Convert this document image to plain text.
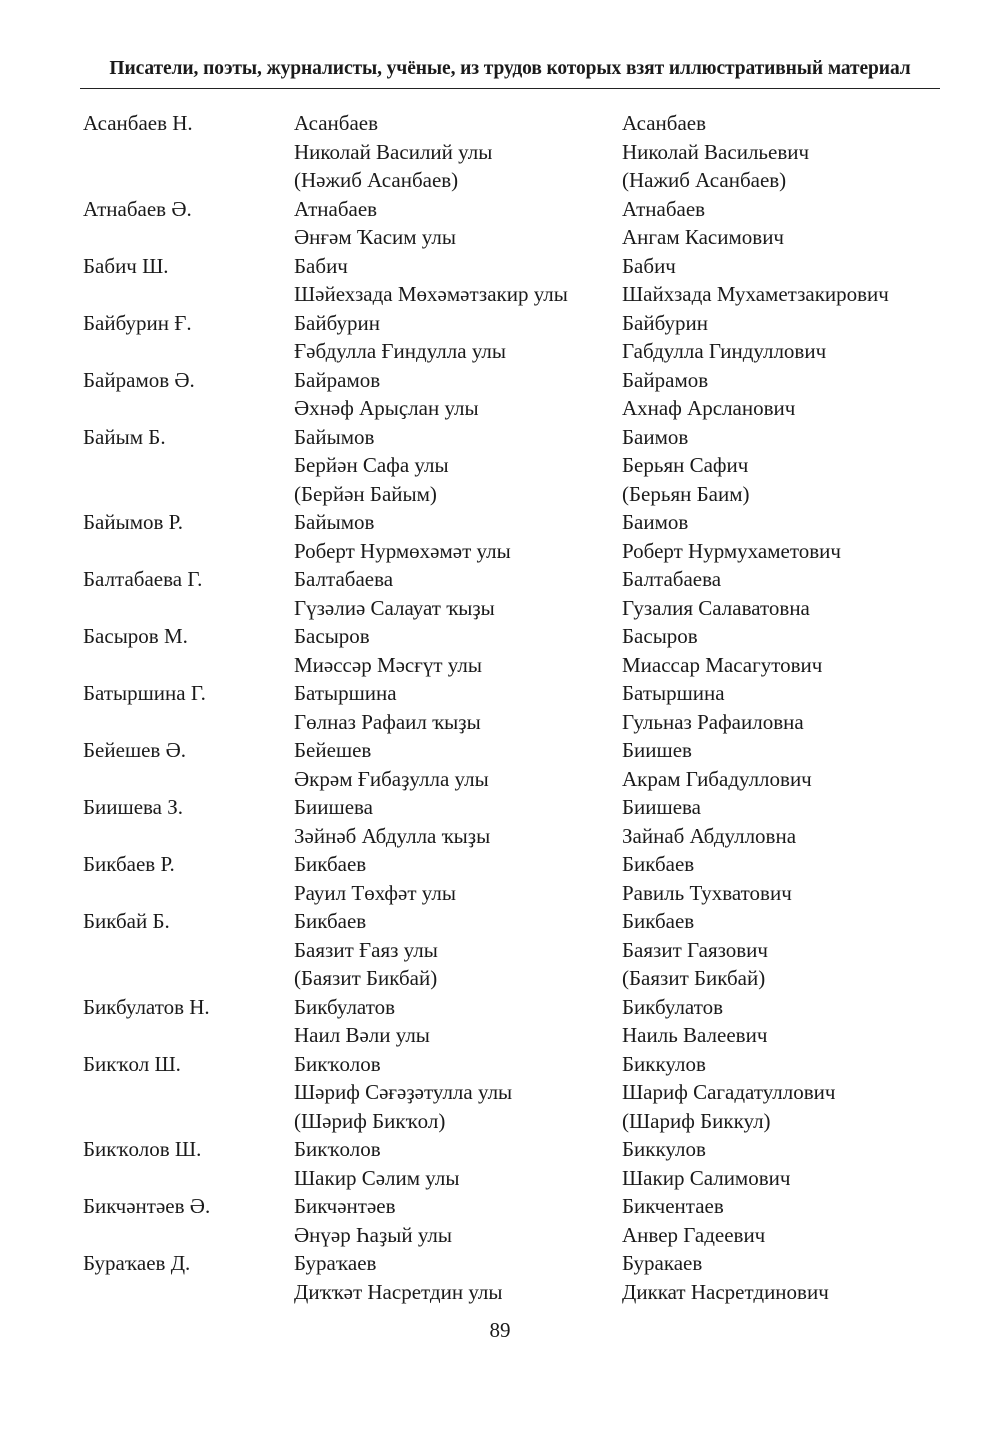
Писатели, поэты, журналисты, учёные, из трудов которых взят иллюстративный материал
Асанбаев Н.	Асанбаев	Асанбаев
Николай Василий улы	Николай Васильевич
(Нәжиб Асанбаев)	(Нажиб Асанбаев)
Атнабаев Ә.	Атнабаев	Атнабаев
Әнғәм Ҡасим улы	Ангам Касимович
Бабич Ш.	Бабич	Бабич
Шәйехзада Мөхәмәтзакир улы	Шайхзада Мухаметзакирович
Байбурин Ғ.	Байбурин	Байбурин
Ғәбдулла Ғиндулла улы	Габдулла Гиндуллович
Байрамов Ә.	Байрамов	Байрамов
Әхнәф Арыҫлан улы	Ахнаф Арсланович
Байым Б.	Байымов	Баимов
Берйән Сафа улы	Берьян Сафич
(Берйән Байым)	(Берьян Баим)
Байымов Р.	Байымов	Баимов
Роберт Нурмөхәмәт улы	Роберт Нурмухаметович
Балтабаева Г.	Балтабаева	Балтабаева
Гүзәлиә Салауат ҡыҙы	Гузалия Салаватовна
Басыров М.	Басыров	Басыров
Миәссәр Мәсғүт улы	Миассар Масагутович
Батыршина Г.	Батыршина	Батыршина
Гөлназ Рафаил ҡыҙы	Гульназ Рафаиловна
Бейешев Ә.	Бейешев	Биишев
Әкрәм Ғибаҙулла улы	Акрам Гибадуллович
Биишева З.	Биишева	Биишева
Зәйнәб Абдулла ҡыҙы	Зайнаб Абдулловна
Бикбаев Р.	Бикбаев	Бикбаев
Рауил Төхфәт улы	Равиль Тухватович
Бикбай Б.	Бикбаев	Бикбаев
Баязит Ғаяз улы	Баязит Гаязович
(Баязит Бикбай)	(Баязит Бикбай)
Бикбулатов Н.	Бикбулатов	Бикбулатов
Наил Вәли улы	Наиль Валеевич
Бикҡол Ш.	Бикҡолов	Биккулов
Шәриф Сәғәҙәтулла улы	Шариф Сагадатуллович
(Шәриф Бикҡол)	(Шариф Биккул)
Бикҡолов Ш.	Бикҡолов	Биккулов
Шакир Сәлим улы	Шакир Салимович
Бикчәнтәев Ә.	Бикчәнтәев	Бикчентаев
Әнүәр Һаҙый улы	Анвер Гадеевич
Бураҡаев Д.	Бураҡаев	Буракаев
Диҡҡәт Насретдин улы	Диккат Насретдинович
89
